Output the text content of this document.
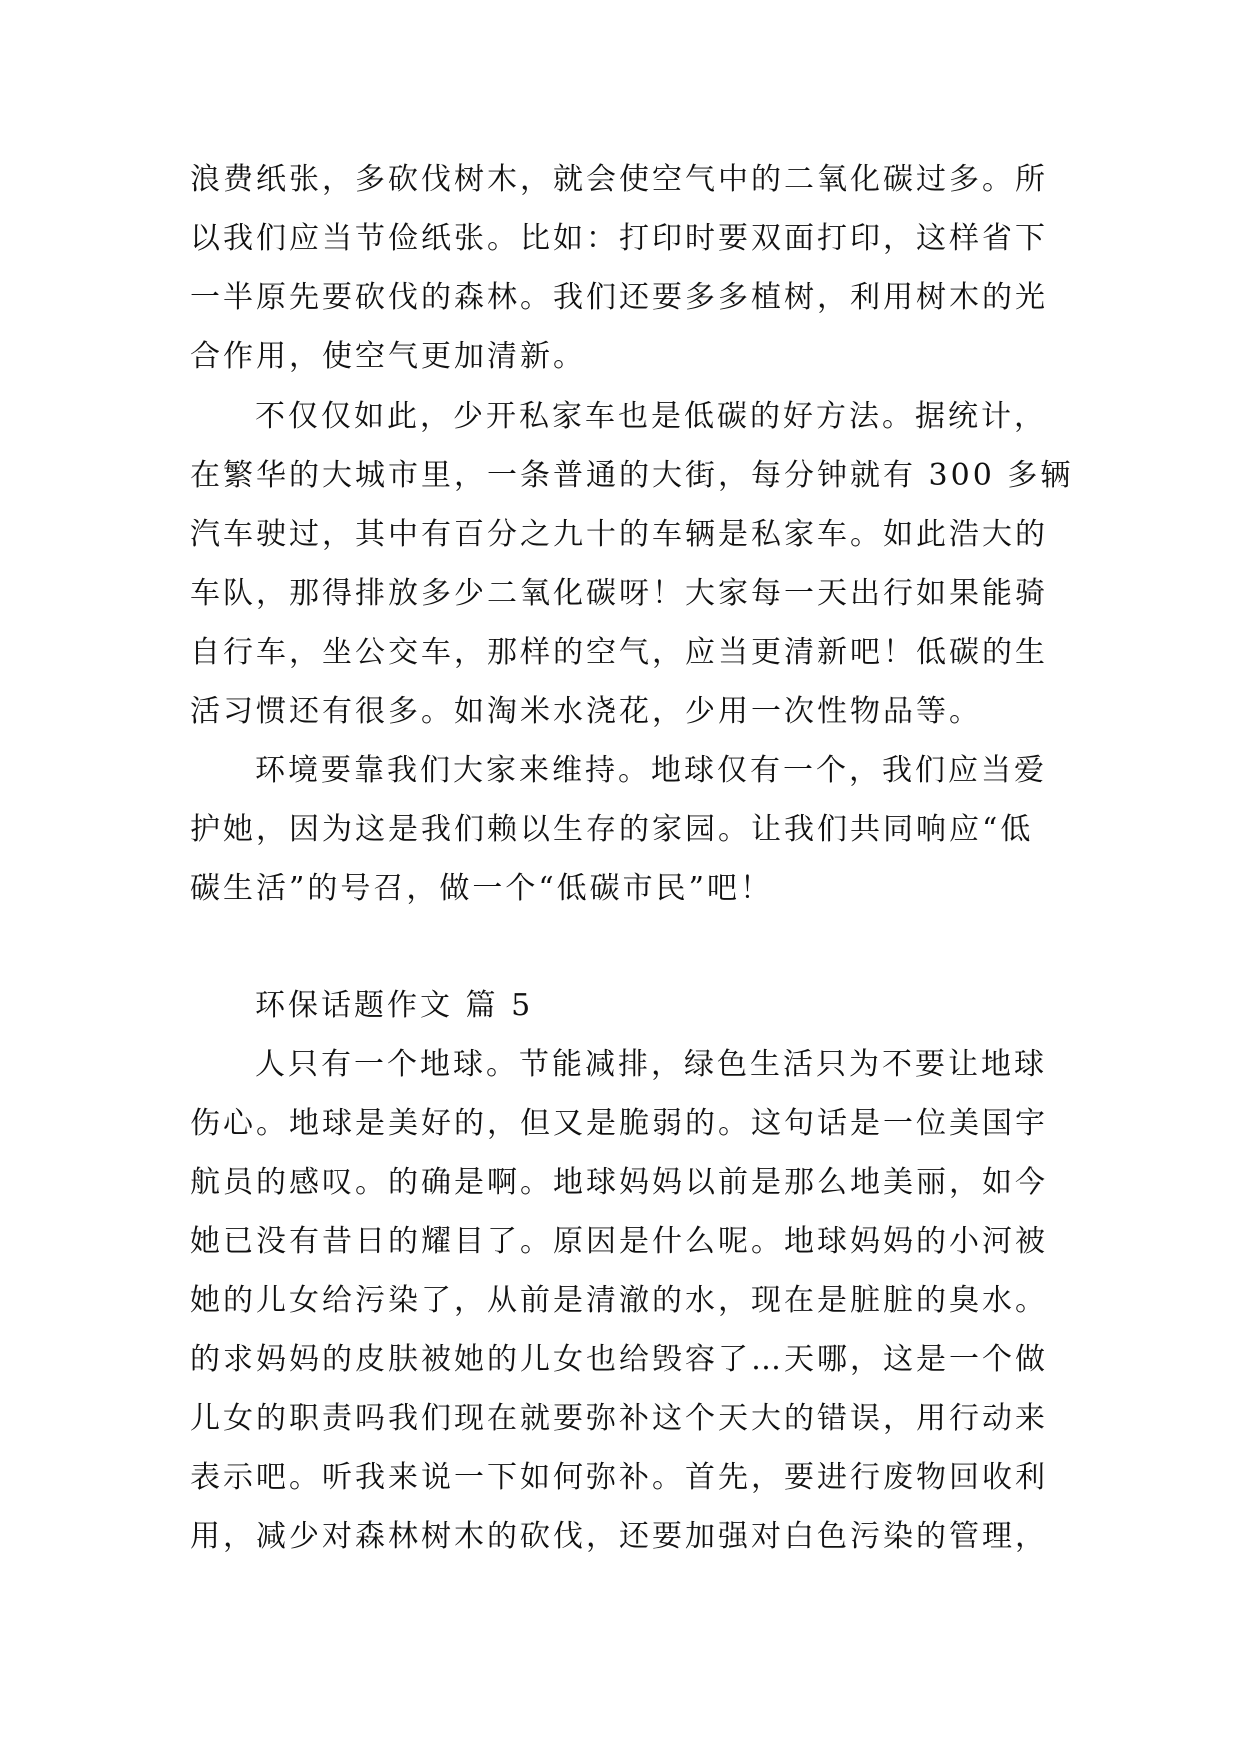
浪费纸张，多砍伐树木，就会使空气中的二氧化碳过多。所
以我们应当节俭纸张。比如：打印时要双面打印，这样省下
一半原先要砍伐的森林。我们还要多多植树，利用树木的光
合作用，使空气更加清新。
不仅仅如此，少开私家车也是低碳的好方法。据统计，
在繁华的大城市里，一条普通的大街，每分钟就有 300 多辆
汽车驶过，其中有百分之九十的车辆是私家车。如此浩大的
车队，那得排放多少二氧化碳呀！大家每一天出行如果能骑
自行车，坐公交车，那样的空气，应当更清新吧！低碳的生
活习惯还有很多。如淘米水浇花，少用一次性物品等。
环境要靠我们大家来维持。地球仅有一个，我们应当爱
护她，因为这是我们赖以生存的家园。让我们共同响应“低
碳生活”的号召，做一个“低碳市民”吧！
环保话题作文 篇 5
人只有一个地球。节能减排，绿色生活只为不要让地球
伤心。地球是美好的，但又是脆弱的。这句话是一位美国宇
航员的感叹。的确是啊。地球妈妈以前是那么地美丽，如今
她已没有昔日的耀目了。原因是什么呢。地球妈妈的小河被
她的儿女给污染了，从前是清澈的水，现在是脏脏的臭水。
的求妈妈的皮肤被她的儿女也给毁容了…天哪，这是一个做
儿女的职责吗我们现在就要弥补这个天大的错误，用行动来
表示吧。听我来说一下如何弥补。首先，要进行废物回收利
用，减少对森林树木的砍伐，还要加强对白色污染的管理，
